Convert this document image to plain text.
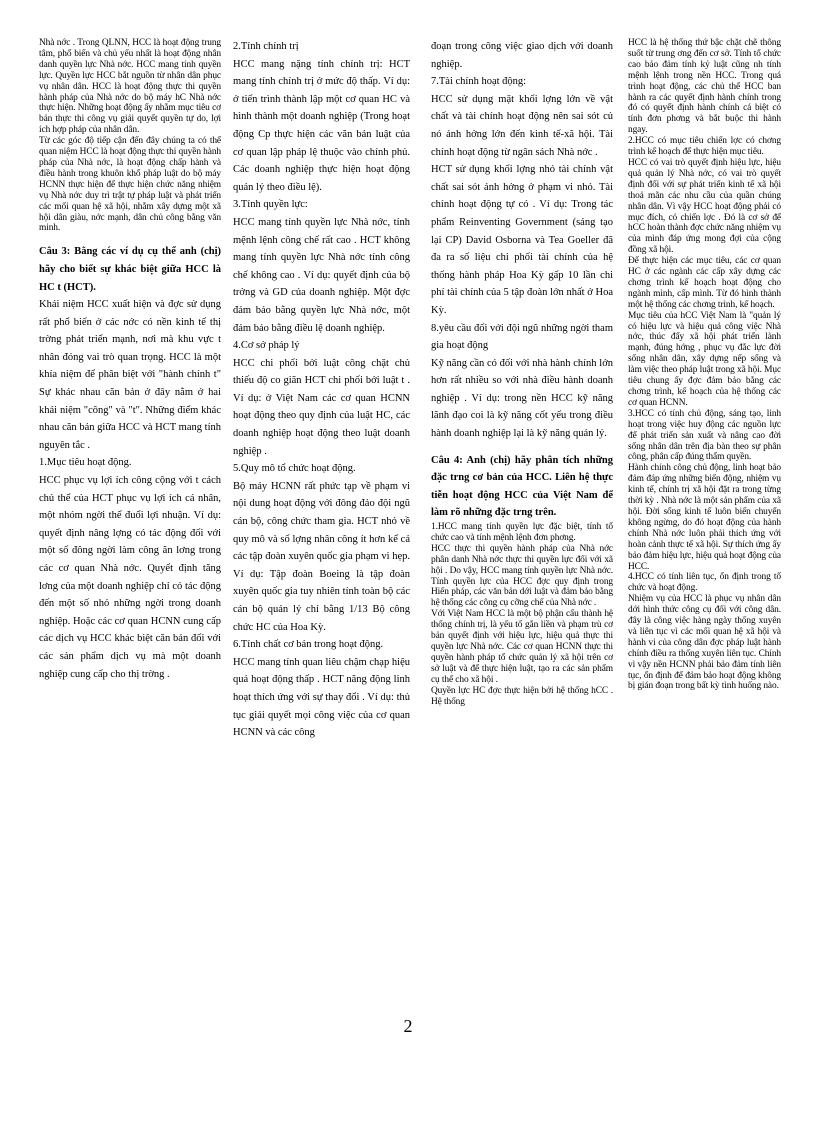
Nhà nớc . Trong QLNN, HCC là hoạt động trung tâm, phổ biến và chủ yếu nhất là hoạt động nhân danh quyền lực Nhà nớc. HCC mang tính quyền lực. Quyền lực HCC bắt nguồn từ nhân dân phục vụ nhân dân. HCC là hoạt động thực thi quyền hành pháp của Nhà nớc do bộ máy hC Nhà nớc thực hiện. Những hoạt động ấy nhằm mục tiêu cơ bản thực thi công vụ giải quyết quyền tự do, lợi ích hợp pháp của nhân dân.

Từ các góc độ tiếp cận đến đây chúng ta có thể quan niệm HCC là hoạt động thực thi quyền hành pháp của Nhà nớc, là hoạt động chấp hành và điều hành trong khuôn khổ pháp luật do bộ máy HCNN thực hiện để thực hiện chức năng nhiệm vụ Nhà nớc duy trì trật tự pháp luật và phát triển các mối quan hệ xã hội, nhằm xây dựng một xã hội dân giàu, nớc mạnh, dân chủ công bằng văn minh.

Câu 3: Bằng các ví dụ cụ thể anh (chị) hãy cho biết sự khác biệt giữa HCC là HC t (HCT).

Khái niệm HCC xuất hiện và đợc sử dụng rất phổ biến ở các nớc có nền kinh tế thị trờng phát triển mạnh, nơi mà khu vực t nhân đóng vai trò quan trọng. HCC là một khía niệm để phân biệt với "hành chính t" Sự khác nhau căn bản ở đây nằm ở hai khái niệm "công" và "t". Những điểm khác nhau căn bản giữa HCC và HCT mang tính nguyên tắc .

1.Mục tiêu hoạt động.

HCC phục vụ lợi ích công cộng với t cách chủ thể của HCT phục vụ lợi ích cá nhân, một nhóm ngời thể đuổi lợi nhuận. Ví dụ: quyết định nâng lợng có tác động đối với một số đông ngời làm công ăn lơng trong các cơ quan Nhà nớc. Quyết định tăng lơng của một doanh nghiệp chỉ có tác động đến một số nhỏ những ngời trong doanh nghiệp. Hoặc các cơ quan HCNN cung cấp các dịch vụ HCC khác biệt căn bản đối với các sản phẩm dịch vụ mà một doanh nghiệp cung cấp cho thị trờng .

2.Tính chính trị

HCC mang nặng tính chính trị: HCT mang tính chính trị ở mức độ thấp. Ví dụ: ở tiến trình thành lập một cơ quan HC và hình thành một doanh nghiệp (Trong hoạt động Cp thực hiện các văn bản luật của cơ quan lập pháp lệ thuộc vào chính phủ. Các doanh nghiệp thực hiện hoạt động quản lý theo điều lệ).

3.Tính quyền lực:

HCC mang tính quyền lực Nhà nớc, tính mệnh lệnh công chế rất cao . HCT không mang tính quyền lực Nhà nớc tính công chế không cao . Ví dụ: quyết định của bộ trởng và GD của doanh nghiệp. Một đợc đảm bảo bằng quyền lực Nhà nớc, một đảm bảo bằng điều lệ doanh nghiệp.

4.Cơ sở pháp lý

HCC chi phối bởi luật công chặt chủ thiếu độ co giãn HCT chi phối bởi luật t . Ví dụ: ở Việt Nam các cơ quan HCNN hoạt động theo quy định của luật HC, các doanh nghiệp hoạt động theo luật doanh nghiệp .

5.Quy mô tổ chức hoạt động.

Bộ máy HCNN rất phức tạp về phạm vi nội dung hoạt động với đông đảo đội ngũ cán bộ, công chức tham gia. HCT nhỏ về quy mô và số lợng nhân công ít hơn kể cả các tập đoàn xuyên quốc gia phạm vi hẹp. Ví dụ: Tập đoàn Boeing là tập đoàn xuyên quốc gia tuy nhiên tính toàn bộ các cán bộ quản lý chỉ bằng 1/13 Bộ công chức HC của Hoa Kỳ.

6.Tính chất cơ bản trong hoạt động.

HCC mang tính quan liêu chậm chạp hiệu quả hoạt động thấp . HCT năng động linh hoạt thích ứng với sự thay đổi . Ví dụ: thủ tục giải quyết mọi công việc của cơ quan HCNN và các công

đoạn trong công việc giao dịch với doanh nghiệp.

7.Tài chính hoạt động:

HCC sử dụng mặt khối lợng lớn về vật chất và tài chính hoạt động nên sai sót củ nó ảnh hởng lớn đến kinh tế-xã hội. Tài chính hoạt động từ ngân sách Nhà nớc .

HCT sử dụng khối lợng nhỏ tài chính vật chất sai sót ảnh hởng ở phạm vi nhỏ. Tài chính hoạt động tự có . Ví dụ: Trong tác phẩm Reinventing Government (sáng tạo lại CP) David Osborna và Tea Goeller đã đa ra số liệu chi phối tài chính của hệ thống hành pháp Hoa Kỳ gấp 10 lần chi phí tài chính của 5 tập đoàn lớn nhất ở Hoa Kỳ.

8.yêu cầu đối với đội ngũ những ngời tham gia hoạt động

Kỹ năng cần có đối với nhà hành chính lớn hơn rất nhiều so với nhà điều hành doanh nghiệp . Ví dụ: trong nền HCC kỹ năng lãnh đạo coi là kỹ năng cốt yếu trong điều hành doanh nghiệp lại là kỹ năng quản lý.

Câu 4: Anh (chị) hãy phân tích những đặc trng cơ bản của HCC. Liên hệ thực tiễn hoạt động HCC của Việt Nam để làm rõ những đặc trng trên.

1.HCC mang tính quyền lực đặc biệt, tính tổ chức cao và tính mệnh lệnh đơn phơng.

HCC thực thi quyền hành pháp của Nhà nớc phân danh Nhà nớc thực thi quyền lực đối với xã hội . Do vậy, HCC mang tính quyền lực Nhà nớc. Tính quyền lực của HCC đợc quy định trong Hiến pháp, các văn bản dới luật và đảm bảo bằng hệ thống các công cụ cỡng chế của Nhà nớc .

Với Việt Nam HCC là một bộ phận cấu thành hệ thống chính trị, là yếu tố gắn liền và phạm trù cơ bản quyết định với hiệu lực, hiệu quả thực thi quyền lực Nhà nớc. Các cơ quan HCNN thực thi quyền hành pháp tổ chức quản lý xã hội trên cơ sở luật và để thực hiện luật, tạo ra các sản phẩm cụ thể cho xã hội .

Quyền lực HC đợc thực hiện bởi hệ thống hCC . Hệ thống

HCC là hệ thống thứ bậc chặt chẽ thông suốt từ trung ơng đến cơ sở. Tính tổ chức cao bảo đảm tính kỷ luật cũng nh tính mệnh lệnh trong nền HCC. Trong quá trình hoạt động, các chủ thể HCC ban hành ra các quyết định hành chính trong đó có quyết định hành chính cá biệt có tính đơn phơng và bắt buộc thi hành ngay.

2.HCC có mục tiêu chiến lợc có chơng trình kế hoạch để thực hiện mục tiêu.

HCC có vai trò quyết định hiệu lực, hiệu quả quản lý Nhà nớc, có vai trò quyết định đối với sự phát triển kinh tế xã hội thoả mãn các nhu cầu của quần chúng nhân dân. Vì vậy HCC hoạt động phải có mục đích, có chiến lợc . Đó là cơ sở để hCC hoàn thành đợc chức năng nhiệm vụ của mình đáp ứng mong đợi của cộng đồng xã hội.

Để thực hiện các mục tiêu, các cơ quan HC ở các ngành các cấp xây dựng các chơng trình kế hoạch hoạt động cho ngành mình, cấp mình. Từ đó hình thành một hệ thống các chơng trình, kế hoạch.

Mục tiêu của hCC Việt Nam là "quản lý có hiệu lực và hiệu quả công việc Nhà nớc, thúc đẩy xã hội phát triển lành mạnh, đúng hớng , phục vụ đắc lực đời sống nhân dân, xây dựng nếp sống và làm việc theo pháp luật trong xã hội. Mục tiêu chung ấy đợc đảm bảo bằng các chơng trình, kế hoạch của hệ thống các cơ quan HCNN.

3.HCC có tính chủ động, sáng tạo, linh hoạt trong việc huy động các nguồn lực để phát triển sản xuất và nâng cao đời sống nhân dân trên địa bàn theo sự phân công, phân cấp đúng thẩm quyền.

Hành chính công chủ động, linh hoạt bảo đảm đáp ứng những biến động, nhiệm vụ kinh tế, chính trị xã hội đặt ra trong từng thời kỳ . Nhà nớc là một sản phẩm của xã hội. Đời sống kinh tế luôn biến chuyển không ngừng, do đó hoạt động của hành chính Nhà nớc luôn phải thích ứng với hoàn cảnh thực tế xã hội. Sự thích ứng ấy bảo đảm hiệu lực, hiệu quả hoạt động của HCC.

4.HCC có tính liên tục, ổn định trong tổ chức và hoạt động.

Nhiệm vụ của HCC là phục vụ nhân dân dới hình thức công cụ đối với công dân. đây là công việc hàng ngày thống xuyên và liên tục vì các mối quan hệ xã hội và hành vi của công dân đợc pháp luật hành chính điều ra thống xuyên liên tục. Chính vì vậy nền HCNN phải bảo đảm tính liên tục, ổn định để đảm bảo hoạt động không bị gián đoạn trong bất kỳ tình huống nào.

2
